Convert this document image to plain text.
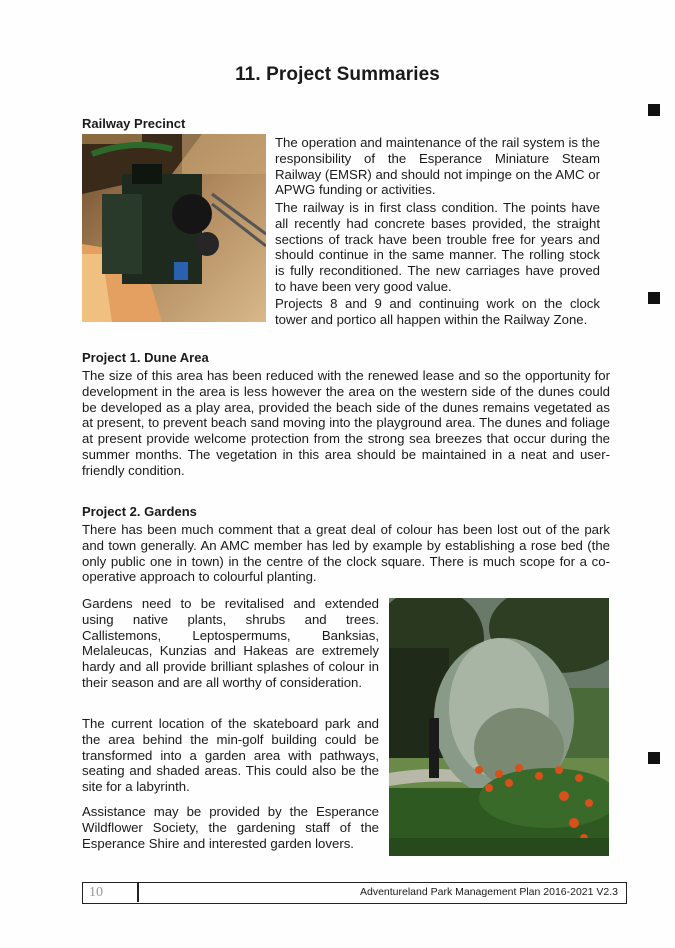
11. Project Summaries
Railway Precinct
The operation and maintenance of the rail system is the responsibility of the Esperance Miniature Steam Railway (EMSR) and should not impinge on the AMC or APWG funding or activities.
The railway is in first class condition. The points have all recently had concrete bases provided, the straight sections of track have been trouble free for years and should continue in the same manner. The rolling stock is fully reconditioned. The new carriages have proved to have been very good value.
Projects 8 and 9 and continuing work on the clock tower and portico all happen within the Railway Zone.
Project 1. Dune Area
The size of this area has been reduced with the renewed lease and so the opportunity for development in the area is less however the area on the western side of the dunes could be developed as a play area, provided the beach side of the dunes remains vegetated as at present, to prevent beach sand moving into the playground area. The dunes and foliage at present provide welcome protection from the strong sea breezes that occur during the summer months. The vegetation in this area should be maintained in a neat and user-friendly condition.
Project 2. Gardens
There has been much comment that a great deal of colour has been lost out of the park and town generally. An AMC member has led by example by establishing a rose bed (the only public one in town) in the centre of the clock square. There is much scope for a co-operative approach to colourful planting.
Gardens need to be revitalised and extended using native plants, shrubs and trees. Callistemons, Leptospermums, Banksias, Melaleucas, Kunzias and Hakeas are extremely hardy and all provide brilliant splashes of colour in their season and are all worthy of consideration.
The current location of the skateboard park and the area behind the min-golf building could be transformed into a garden area with pathways, seating and shaded areas. This could also be the site for a labyrinth.
Assistance may be provided by the Esperance Wildflower Society, the gardening staff of the Esperance Shire and interested garden lovers.
10	Adventureland Park Management Plan 2016-2021 V2.3
